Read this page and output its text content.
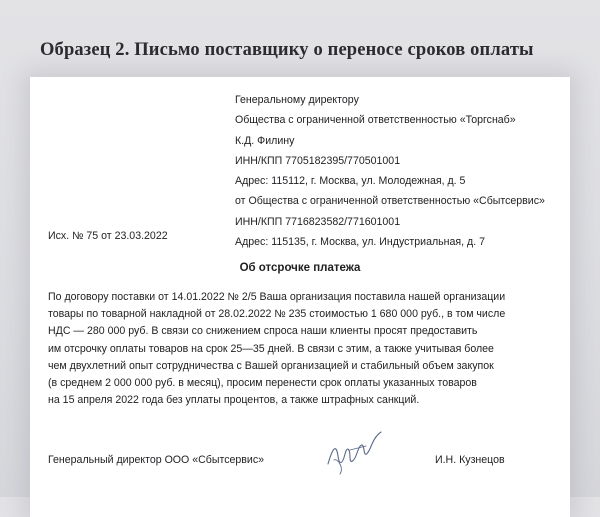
Образец 2. Письмо поставщику о переносе сроков оплаты
Генеральному директору
Общества с ограниченной ответственностью «Торгснаб»
К.Д. Филину
ИНН/КПП 7705182395/770501001
Адрес: 115112, г. Москва, ул. Молодежная, д. 5
от Общества с ограниченной ответственностью «Сбытсервис»
ИНН/КПП 7716823582/771601001
Адрес: 115135, г. Москва, ул. Индустриальная, д. 7
Исх. № 75 от 23.03.2022
Об отсрочке платежа
По договору поставки от 14.01.2022 № 2/5 Ваша организация поставила нашей организации
товары по товарной накладной от 28.02.2022 № 235 стоимостью 1 680 000 руб., в том числе
НДС — 280 000 руб. В связи со снижением спроса наши клиенты просят предоставить
им отсрочку оплаты товаров на срок 25—35 дней. В связи с этим, а также учитывая более
чем двухлетний опыт сотрудничества с Вашей организацией и стабильный объем закупок
(в среднем 2 000 000 руб. в месяц), просим перенести срок оплаты указанных товаров
на 15 апреля 2022 года без уплаты процентов, а также штрафных санкций.
Генеральный директор ООО «Сбытсервис»	И.Н. Кузнецов
